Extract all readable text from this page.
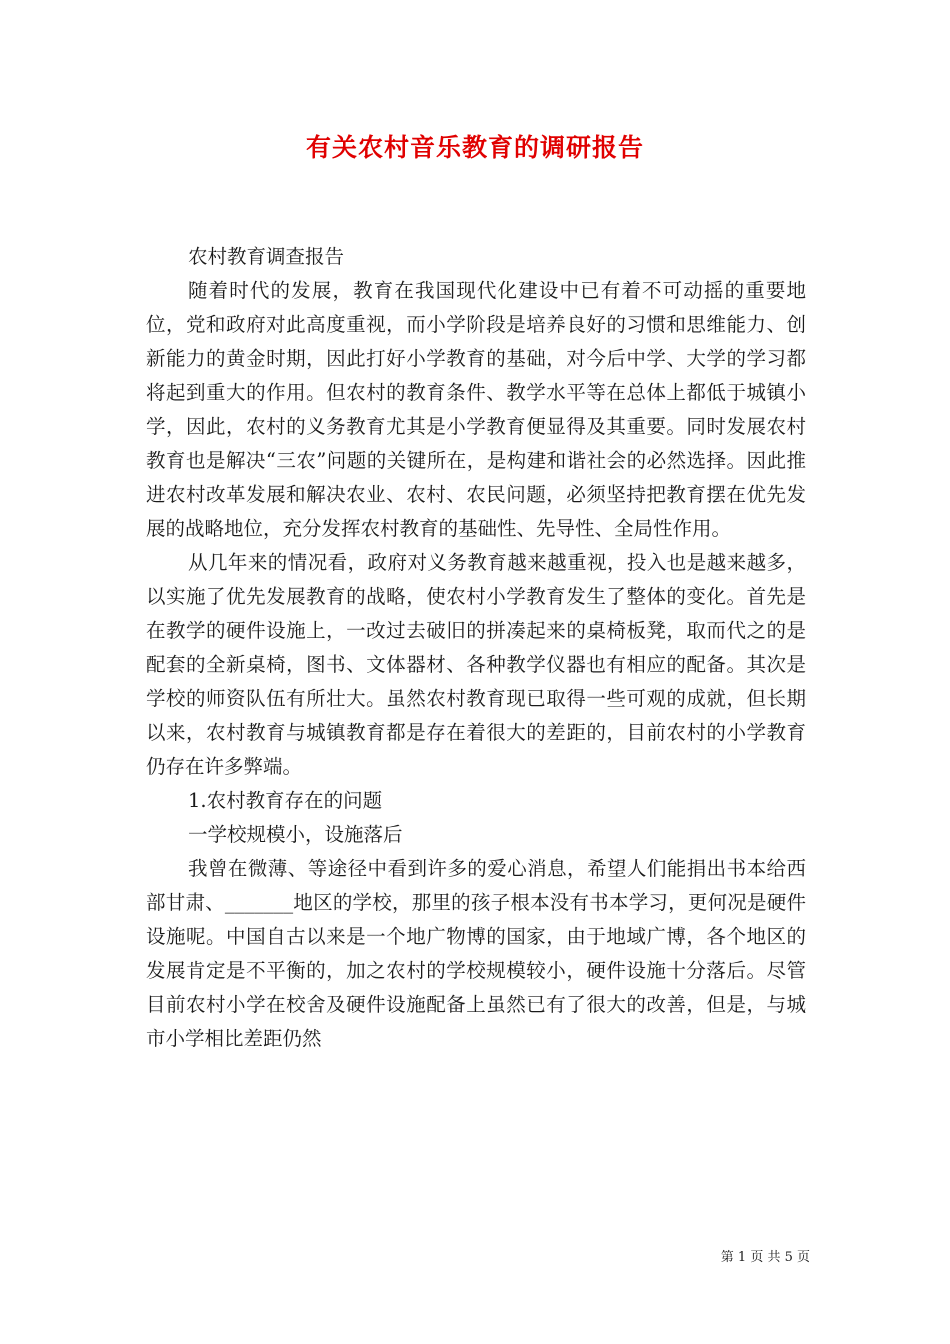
有关农村音乐教育的调研报告

农村教育调查报告

随着时代的发展，教育在我国现代化建设中已有着不可动摇的重要地位，党和政府对此高度重视，而小学阶段是培养良好的习惯和思维能力、创新能力的黄金时期，因此打好小学教育的基础，对今后中学、大学的学习都将起到重大的作用。但农村的教育条件、教学水平等在总体上都低于城镇小学，因此，农村的义务教育尤其是小学教育便显得及其重要。同时发展农村教育也是解决“三农”问题的关键所在，是构建和谐社会的必然选择。因此推进农村改革发展和解决农业、农村、农民问题，必须坚持把教育摆在优先发展的战略地位，充分发挥农村教育的基础性、先导性、全局性作用。

从几年来的情况看，政府对义务教育越来越重视，投入也是越来越多，以实施了优先发展教育的战略，使农村小学教育发生了整体的变化。首先是在教学的硬件设施上，一改过去破旧的拼凑起来的桌椅板凳，取而代之的是配套的全新桌椅，图书、文体器材、各种教学仪器也有相应的配备。其次是学校的师资队伍有所壮大。虽然农村教育现已取得一些可观的成就，但长期以来，农村教育与城镇教育都是存在着很大的差距的，目前农村的小学教育仍存在许多弊端。

1.农村教育存在的问题

一学校规模小，设施落后

我曾在微薄、等途径中看到许多的爱心消息，希望人们能捐出书本给西部甘肃、_______地区的学校，那里的孩子根本没有书本学习，更何况是硬件设施呢。中国自古以来是一个地广物博的国家，由于地域广博，各个地区的发展肯定是不平衡的，加之农村的学校规模较小，硬件设施十分落后。尽管目前农村小学在校舍及硬件设施配备上虽然已有了很大的改善，但是，与城市小学相比差距仍然

第 1 页 共 5 页
